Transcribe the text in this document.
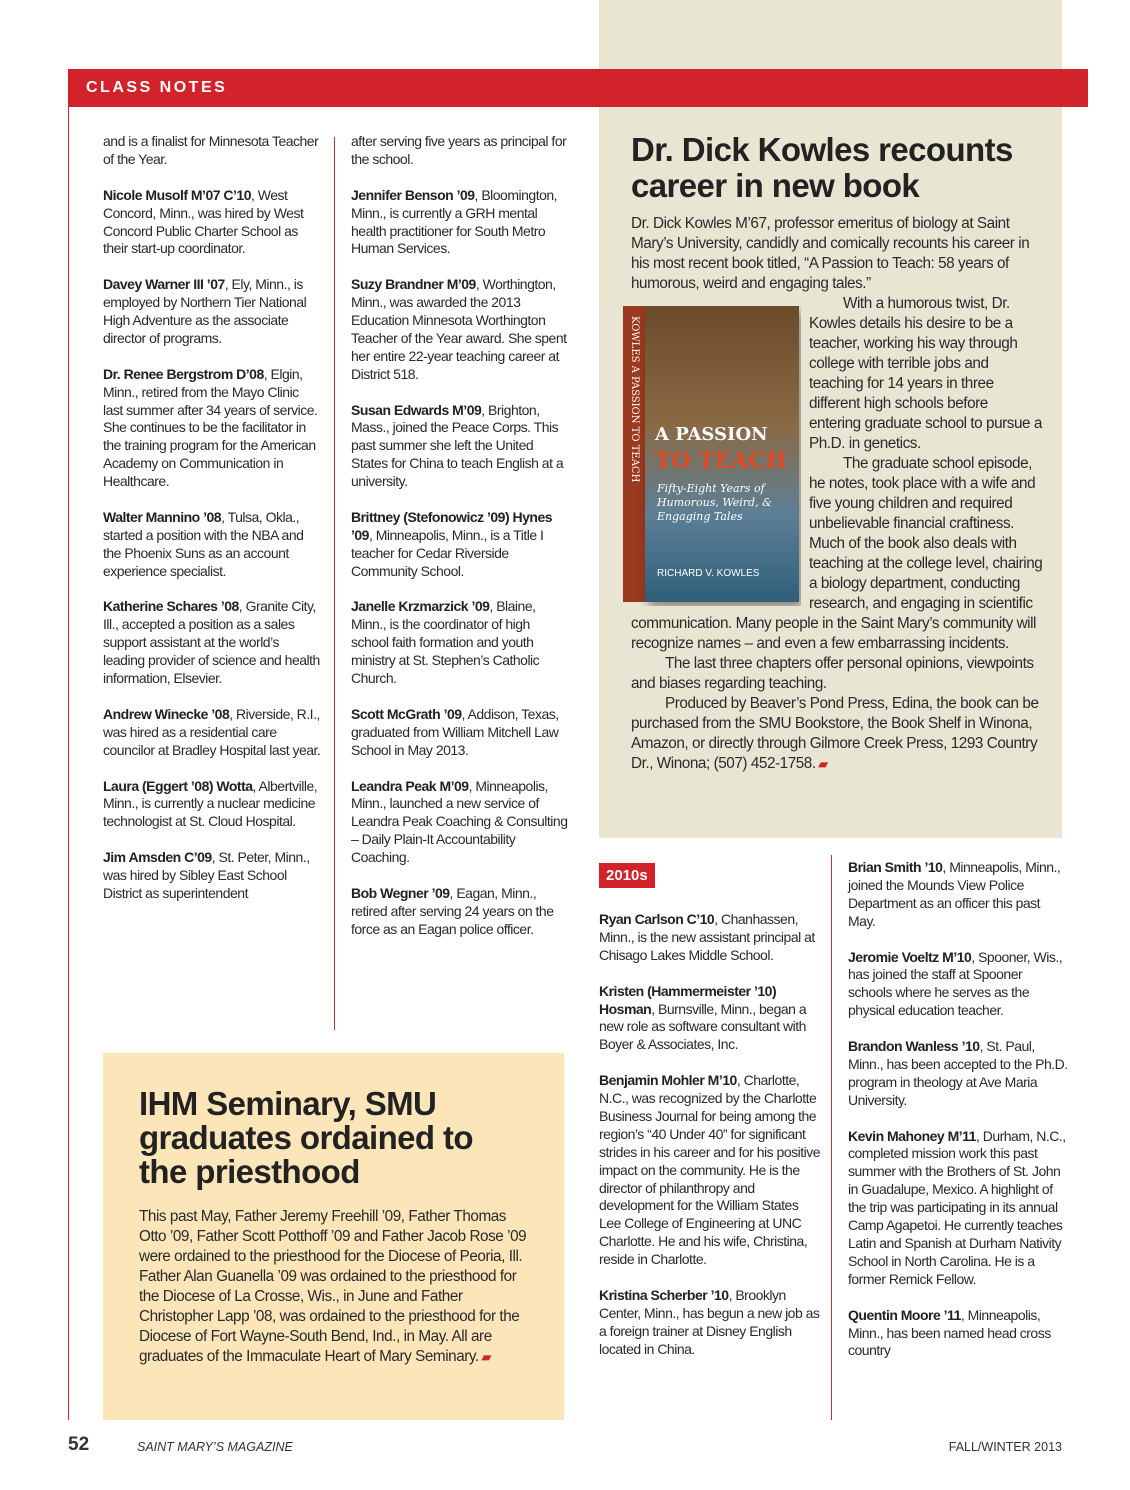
CLASS NOTES
and is a finalist for Minnesota Teacher of the Year.
Nicole Musolf M’07 C’10, West Concord, Minn., was hired by West Concord Public Charter School as their start-up coordinator.
Davey Warner III ’07, Ely, Minn., is employed by Northern Tier National High Adventure as the associate director of programs.
Dr. Renee Bergstrom D’08, Elgin, Minn., retired from the Mayo Clinic last summer after 34 years of service. She continues to be the facilitator in the training program for the American Academy on Communication in Healthcare.
Walter Mannino ’08, Tulsa, Okla., started a position with the NBA and the Phoenix Suns as an account experience specialist.
Katherine Schares ’08, Granite City, Ill., accepted a position as a sales support assistant at the world’s leading provider of science and health information, Elsevier.
Andrew Winecke ’08, Riverside, R.I., was hired as a residential care councilor at Bradley Hospital last year.
Laura (Eggert ’08) Wotta, Albertville, Minn., is currently a nuclear medicine technologist at St. Cloud Hospital.
Jim Amsden C’09, St. Peter, Minn., was hired by Sibley East School District as superintendent
after serving five years as principal for the school.
Jennifer Benson ’09, Bloomington, Minn., is currently a GRH mental health practitioner for South Metro Human Services.
Suzy Brandner M’09, Worthington, Minn., was awarded the 2013 Education Minnesota Worthington Teacher of the Year award. She spent her entire 22-year teaching career at District 518.
Susan Edwards M’09, Brighton, Mass., joined the Peace Corps. This past summer she left the United States for China to teach English at a university.
Brittney (Stefonowicz ’09) Hynes ’09, Minneapolis, Minn., is a Title I teacher for Cedar Riverside Community School.
Janelle Krzmarzick ’09, Blaine, Minn., is the coordinator of high school faith formation and youth ministry at St. Stephen’s Catholic Church.
Scott McGrath ’09, Addison, Texas, graduated from William Mitchell Law School in May 2013.
Leandra Peak M’09, Minneapolis, Minn., launched a new service of Leandra Peak Coaching & Consulting – Daily Plain-It Accountability Coaching.
Bob Wegner ’09, Eagan, Minn., retired after serving 24 years on the force as an Eagan police officer.
Dr. Dick Kowles recounts career in new book

Dr. Dick Kowles M’67, professor emeritus of biology at Saint Mary’s University, candidly and comically recounts his career in his most recent book titled, “A Passion to Teach: 58 years of humorous, weird and engaging tales.”

KOWLES A PASSION TO TEACH A PASSION
TO TEACH
Fifty-Eight Years of Humorous, Weird, & Engaging Tales
RICHARD V. KOWLES

With a humorous twist, Dr. Kowles details his desire to be a teacher, working his way through college with terrible jobs and teaching for 14 years in three different high schools before entering graduate school to pursue a Ph.D. in genetics.

The graduate school episode, he notes, took place with a wife and five young children and required unbelievable financial craftiness. Much of the book also deals with teaching at the college level, chairing a biology department, conducting research, and engaging in scientific communication. Many people in the Saint Mary’s community will recognize names – and even a few embarrassing incidents.

The last three chapters offer personal opinions, viewpoints and biases regarding teaching.

Produced by Beaver’s Pond Press, Edina, the book can be purchased from the SMU Bookstore, the Book Shelf in Winona, Amazon, or directly through Gilmore Creek Press, 1293 Country Dr., Winona; (507) 452-1758. ▰

IHM Seminary, SMU graduates ordained to the priesthood

This past May, Father Jeremy Freehill ’09, Father Thomas Otto ’09, Father Scott Potthoff ’09 and Father Jacob Rose ’09 were ordained to the priesthood for the Diocese of Peoria, Ill. Father Alan Guanella ’09 was ordained to the priesthood for the Diocese of La Crosse, Wis., in June and Father Christopher Lapp ’08, was ordained to the priesthood for the Diocese of Fort Wayne-South Bend, Ind., in May. All are graduates of the Immaculate Heart of Mary Seminary. ▰

2010s
Ryan Carlson C’10, Chanhassen, Minn., is the new assistant principal at Chisago Lakes Middle School.
Kristen (Hammermeister ’10) Hosman, Burnsville, Minn., began a new role as software consultant with Boyer & Associates, Inc.
Benjamin Mohler M’10, Charlotte, N.C., was recognized by the Charlotte Business Journal for being among the region’s “40 Under 40” for significant strides in his career and for his positive impact on the community. He is the director of philanthropy and development for the William States Lee College of Engineering at UNC Charlotte. He and his wife, Christina, reside in Charlotte.
Kristina Scherber ’10, Brooklyn Center, Minn., has begun a new job as a foreign trainer at Disney English located in China.
Brian Smith ’10, Minneapolis, Minn., joined the Mounds View Police Department as an officer this past May.
Jeromie Voeltz M’10, Spooner, Wis., has joined the staff at Spooner schools where he serves as the physical education teacher.
Brandon Wanless ’10, St. Paul, Minn., has been accepted to the Ph.D. program in theology at Ave Maria University.
Kevin Mahoney M’11, Durham, N.C., completed mission work this past summer with the Brothers of St. John in Guadalupe, Mexico. A highlight of the trip was participating in its annual Camp Agapetoi. He currently teaches Latin and Spanish at Durham Nativity School in North Carolina. He is a former Remick Fellow.
Quentin Moore ’11, Minneapolis, Minn., has been named head cross country
52	SAINT MARY’S MAGAZINE	FALL/WINTER 2013
